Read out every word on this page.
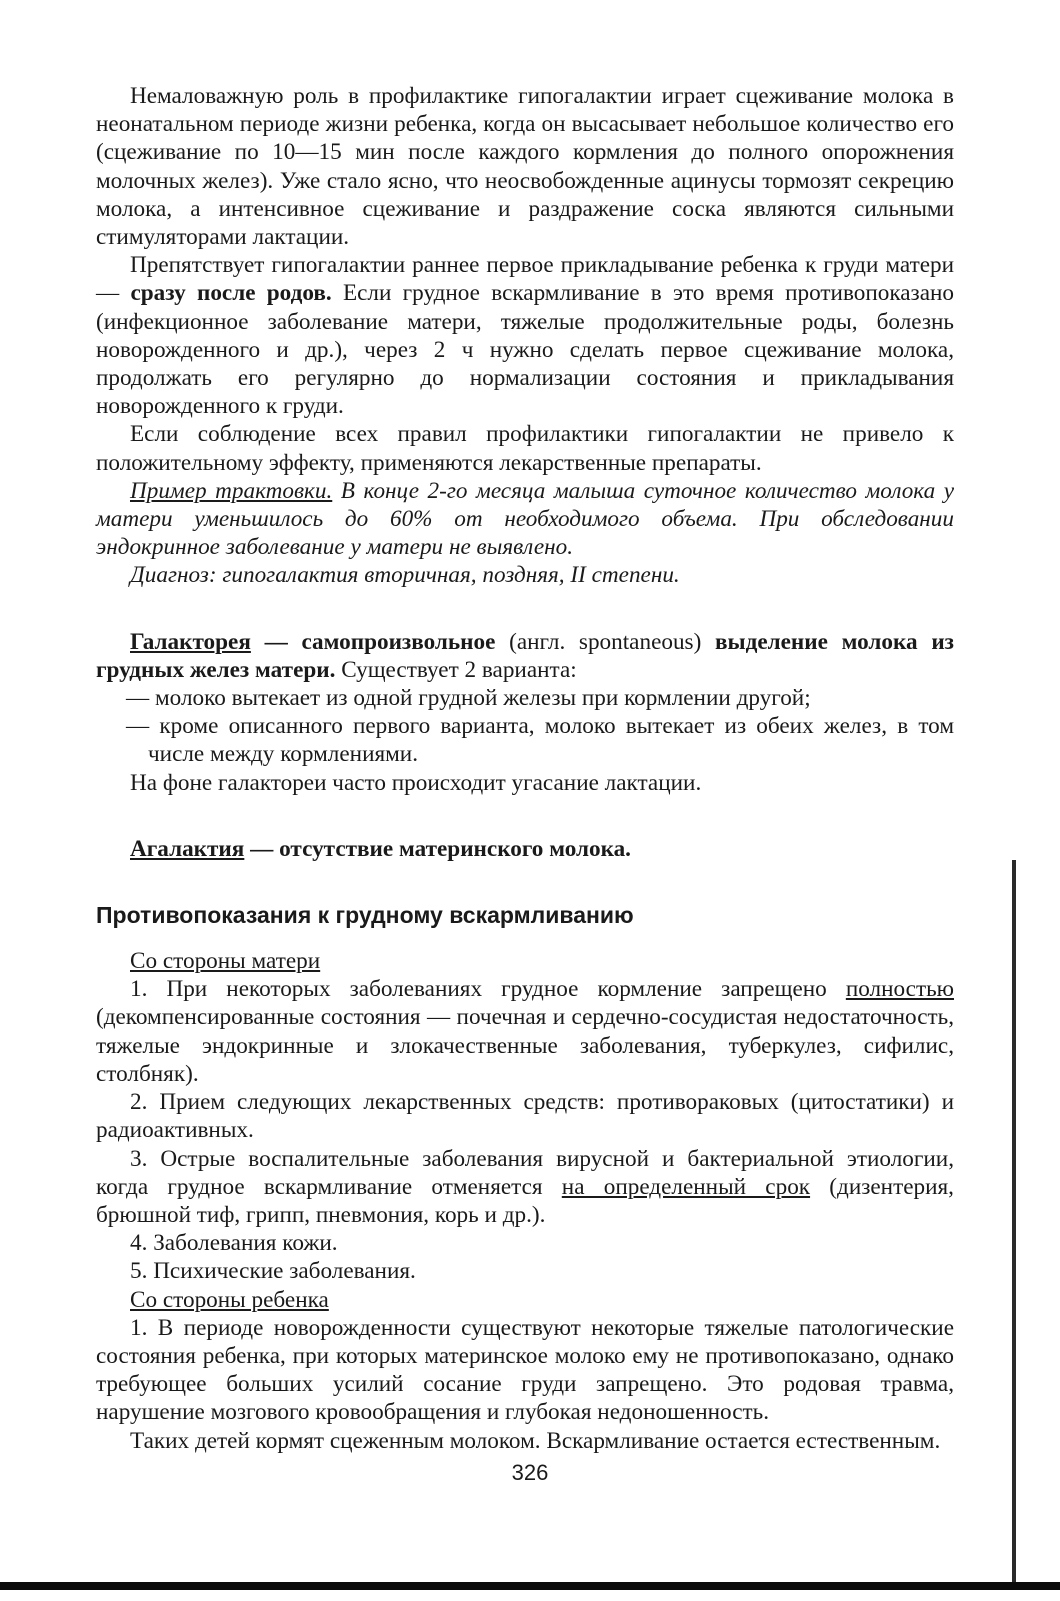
Немаловажную роль в профилактике гипогалактии играет сцеживание молока в неонатальном периоде жизни ребенка, когда он высасывает небольшое количество его (сцеживание по 10—15 мин после каждого кормления до полного опорожнения молочных желез). Уже стало ясно, что неосвобожденные ацинусы тормозят секрецию молока, а интенсивное сцеживание и раздражение соска являются сильными стимуляторами лактации.

Препятствует гипогалактии раннее первое прикладывание ребенка к груди матери — сразу после родов. Если грудное вскармливание в это время противопоказано (инфекционное заболевание матери, тяжелые продолжительные роды, болезнь новорожденного и др.), через 2 ч нужно сделать первое сцеживание молока, продолжать его регулярно до нормализации состояния и прикладывания новорожденного к груди.

Если соблюдение всех правил профилактики гипогалактии не привело к положительному эффекту, применяются лекарственные препараты.

Пример трактовки. В конце 2-го месяца малыша суточное количество молока у матери уменьшилось до 60% от необходимого объема. При обследовании эндокринное заболевание у матери не выявлено.

Диагноз: гипогалактия вторичная, поздняя, II степени.

Галакторея — самопроизвольное (англ. spontaneous) выделение молока из грудных желез матери. Существует 2 варианта:

— молоко вытекает из одной грудной железы при кормлении другой;

— кроме описанного первого варианта, молоко вытекает из обеих желез, в том числе между кормлениями.

На фоне галактореи часто происходит угасание лактации.

Агалактия — отсутствие материнского молока.

Противопоказания к грудному вскармливанию

Со стороны матери

1. При некоторых заболеваниях грудное кормление запрещено полностью (декомпенсированные состояния — почечная и сердечно-сосудистая недостаточность, тяжелые эндокринные и злокачественные заболевания, туберкулез, сифилис, столбняк).

2. Прием следующих лекарственных средств: противораковых (цитостатики) и радиоактивных.

3. Острые воспалительные заболевания вирусной и бактериальной этиологии, когда грудное вскармливание отменяется на определенный срок (дизентерия, брюшной тиф, грипп, пневмония, корь и др.).

4. Заболевания кожи.

5. Психические заболевания.

Со стороны ребенка

1. В периоде новорожденности существуют некоторые тяжелые патологические состояния ребенка, при которых материнское молоко ему не противопоказано, однако требующее больших усилий сосание груди запрещено. Это родовая травма, нарушение мозгового кровообращения и глубокая недоношенность.

Таких детей кормят сцеженным молоком. Вскармливание остается естественным.

326
